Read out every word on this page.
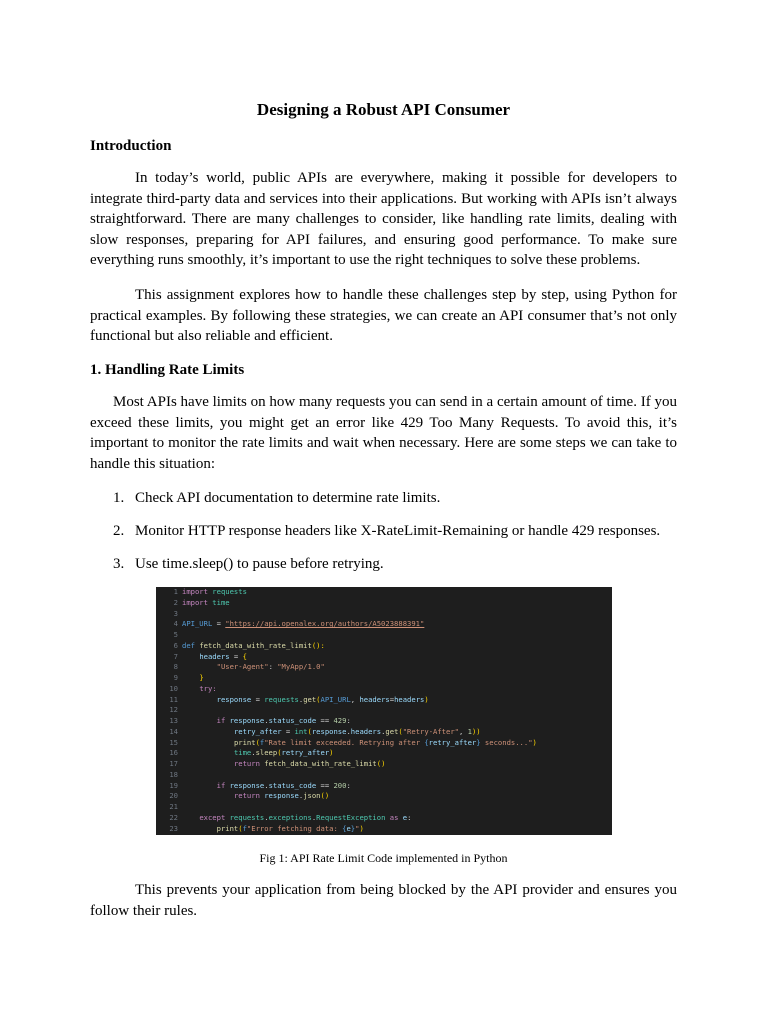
Designing a Robust API Consumer
Introduction

In today’s world, public APIs are everywhere, making it possible for developers to integrate third-party data and services into their applications. But working with APIs isn’t always straightforward. There are many challenges to consider, like handling rate limits, dealing with slow responses, preparing for API failures, and ensuring good performance. To make sure everything runs smoothly, it’s important to use the right techniques to solve these problems.

This assignment explores how to handle these challenges step by step, using Python for practical examples. By following these strategies, we can create an API consumer that’s not only functional but also reliable and efficient.

1. Handling Rate Limits

Most APIs have limits on how many requests you can send in a certain amount of time. If you exceed these limits, you might get an error like 429 Too Many Requests. To avoid this, it’s important to monitor the rate limits and wait when necessary. Here are some steps we can take to handle this situation:

1. Check API documentation to determine rate limits.

2. Monitor HTTP response headers like X-RateLimit-Remaining or handle 429 responses.

3. Use time.sleep() to pause before retrying.

Fig 1: API Rate Limit Code implemented in Python

This prevents your application from being blocked by the API provider and ensures you follow their rules.

1 import requests
2 import time
3
4 API_URL = "https://api.openalex.org/authors/A5023888391"
5
6 def fetch_data_with_rate_limit():
7	headers = {
8	"User-Agent": "MyApp/1.0"
9	}
10	try:
11	response = requests.get(API_URL, headers=headers)
12
13	if response.status_code == 429:
14	retry_after = int(response.headers.get("Retry-After", 1))
15	print(f"Rate limit exceeded. Retrying after {retry_after} seconds...")
16	time.sleep(retry_after)
17	return fetch_data_with_rate_limit()
18
19	if response.status_code == 200:
20	return response.json()
21
22	except requests.exceptions.RequestException as e:
23	print(f"Error fetching data: {e}")
